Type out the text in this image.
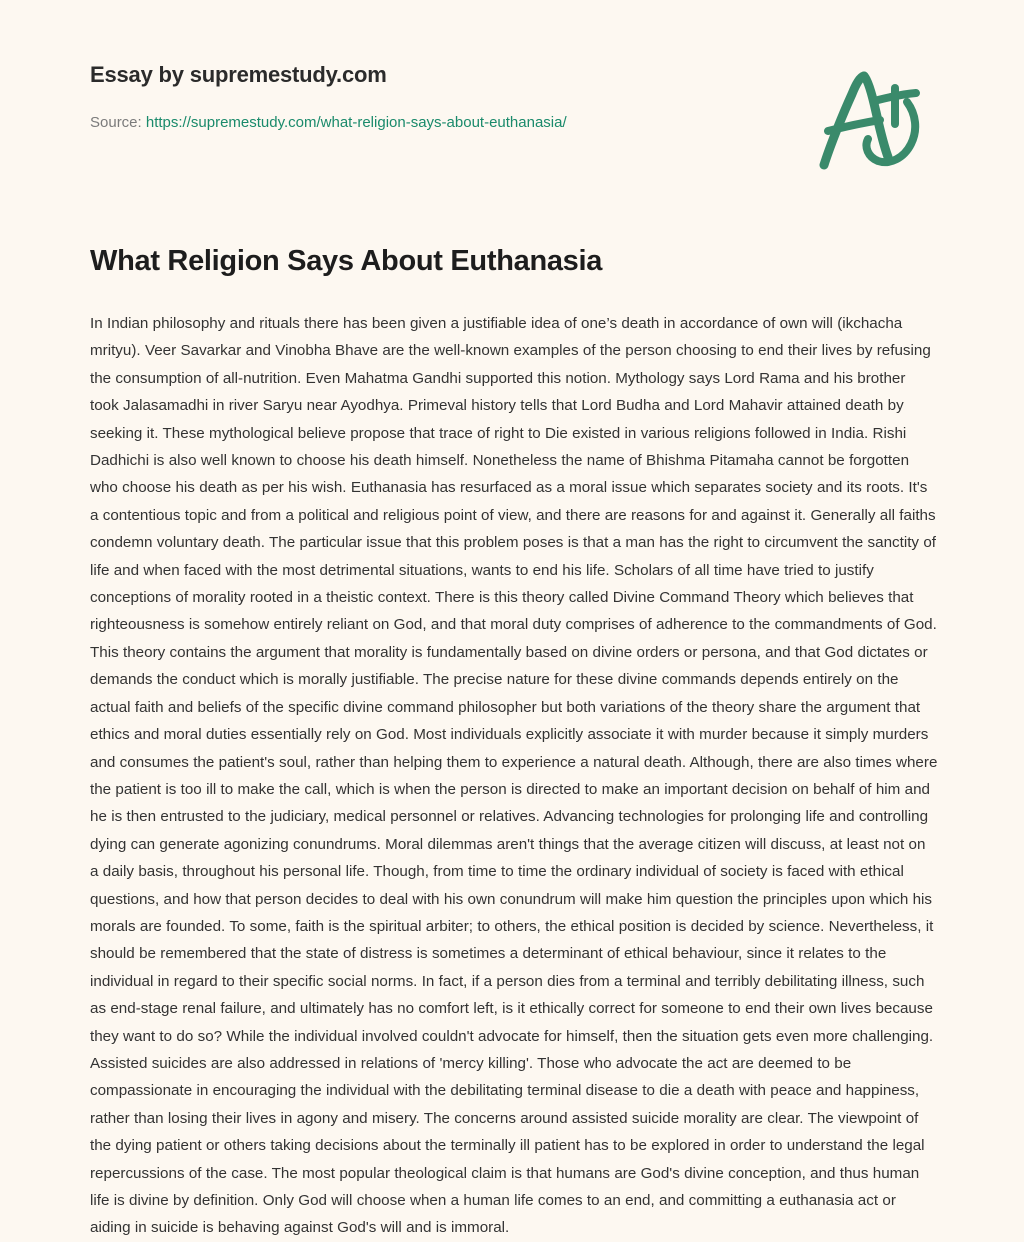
Essay by supremestudy.com
Source: https://supremestudy.com/what-religion-says-about-euthanasia/
What Religion Says About Euthanasia

In Indian philosophy and rituals there has been given a justifiable idea of one’s death in accordance of own will (ikchacha mrityu). Veer Savarkar and Vinobha Bhave are the well-known examples of the person choosing to end their lives by refusing the consumption of all-nutrition. Even Mahatma Gandhi supported this notion. Mythology says Lord Rama and his brother took Jalasamadhi in river Saryu near Ayodhya. Primeval history tells that Lord Budha and Lord Mahavir attained death by seeking it. These mythological believe propose that trace of right to Die existed in various religions followed in India. Rishi Dadhichi is also well known to choose his death himself. Nonetheless the name of Bhishma Pitamaha cannot be forgotten who choose his death as per his wish. Euthanasia has resurfaced as a moral issue which separates society and its roots. It's a contentious topic and from a political and religious point of view, and there are reasons for and against it. Generally all faiths condemn voluntary death. The particular issue that this problem poses is that a man has the right to circumvent the sanctity of life and when faced with the most detrimental situations, wants to end his life. Scholars of all time have tried to justify conceptions of morality rooted in a theistic context. There is this theory called Divine Command Theory which believes that righteousness is somehow entirely reliant on God, and that moral duty comprises of adherence to the commandments of God. This theory contains the argument that morality is fundamentally based on divine orders or persona, and that God dictates or demands the conduct which is morally justifiable. The precise nature for these divine commands depends entirely on the actual faith and beliefs of the specific divine command philosopher but both variations of the theory share the argument that ethics and moral duties essentially rely on God. Most individuals explicitly associate it with murder because it simply murders and consumes the patient's soul, rather than helping them to experience a natural death. Although, there are also times where the patient is too ill to make the call, which is when the person is directed to make an important decision on behalf of him and he is then entrusted to the judiciary, medical personnel or relatives. Advancing technologies for prolonging life and controlling dying can generate agonizing conundrums. Moral dilemmas aren't things that the average citizen will discuss, at least not on a daily basis, throughout his personal life. Though, from time to time the ordinary individual of society is faced with ethical questions, and how that person decides to deal with his own conundrum will make him question the principles upon which his morals are founded. To some, faith is the spiritual arbiter; to others, the ethical position is decided by science. Nevertheless, it should be remembered that the state of distress is sometimes a determinant of ethical behaviour, since it relates to the individual in regard to their specific social norms. In fact, if a person dies from a terminal and terribly debilitating illness, such as end-stage renal failure, and ultimately has no comfort left, is it ethically correct for someone to end their own lives because they want to do so? While the individual involved couldn't advocate for himself, then the situation gets even more challenging. Assisted suicides are also addressed in relations of 'mercy killing'. Those who advocate the act are deemed to be compassionate in encouraging the individual with the debilitating terminal disease to die a death with peace and happiness, rather than losing their lives in agony and misery. The concerns around assisted suicide morality are clear. The viewpoint of the dying patient or others taking decisions about the terminally ill patient has to be explored in order to understand the legal repercussions of the case. The most popular theological claim is that humans are God's divine conception, and thus human life is divine by definition. Only God will choose when a human life comes to an end, and committing a euthanasia act or aiding in suicide is behaving against God's will and is immoral.
